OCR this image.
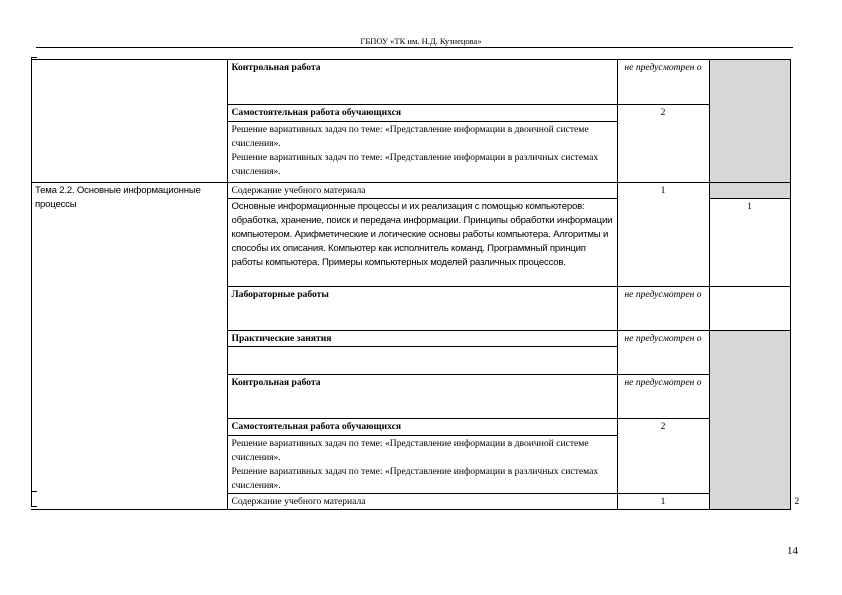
ГБПОУ «ТК им. Н.Д. Кузнецова»
	Контрольная работа	не предусмотрен о		
	Самостоятельная работа обучающихся	2		

	Решение вариативных задач по теме: «Представление информации в двоичной системе счисления».
Решение вариативных задач по теме: «Представление информации в различных системах счисления».			

Тема 2.2. Основные информационные процессы	Содержание учебного материала	1		
	Основные информационные процессы и их реализация с помощью компьютеров: обработка, хранение, поиск и передача информации. Принципы обработки информации компьютером. Арифметические и логические основы работы компьютера. Алгоритмы и способы их описания. Компьютер как исполнитель команд. Программный принцип работы компьютера. Примеры компьютерных моделей различных процессов.		1	
	Лабораторные работы	не предусмотрен о		
	Практические занятия	не предусмотрен о		

	Контрольная работа	не предусмотрен о		
	Самостоятельная работа обучающихся	2		

	Решение вариативных задач по теме: «Представление информации в двоичной системе счисления».
Решение вариативных задач по теме: «Представление информации в различных системах счисления».			

	Содержание учебного материала	1		2
14
